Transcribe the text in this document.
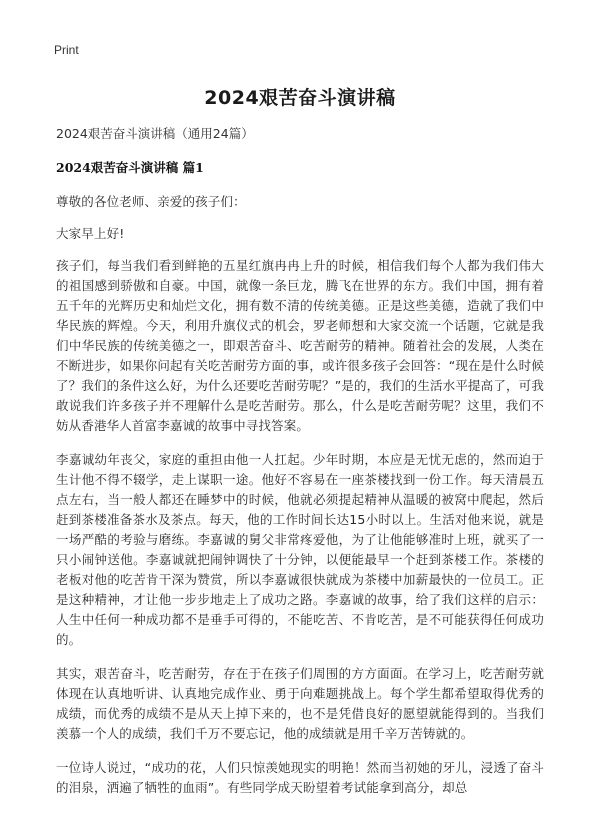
Print
2024艰苦奋斗演讲稿
2024艰苦奋斗演讲稿（通用24篇）
2024艰苦奋斗演讲稿 篇1
尊敬的各位老师、亲爱的孩子们：
大家早上好!
孩子们，每当我们看到鲜艳的五星红旗冉冉上升的时候，相信我们每个人都为我们伟大的祖国感到骄傲和自豪。中国，就像一条巨龙，腾飞在世界的东方。我们中国，拥有着五千年的光辉历史和灿烂文化，拥有数不清的传统美德。正是这些美德，造就了我们中华民族的辉煌。今天，利用升旗仪式的机会，罗老师想和大家交流一个话题，它就是我们中华民族的传统美德之一，即艰苦奋斗、吃苦耐劳的精神。随着社会的发展，人类在不断进步，如果你问起有关吃苦耐劳方面的事，或许很多孩子会回答：“现在是什么时候了？我们的条件这么好，为什么还要吃苦耐劳呢？”是的，我们的生活水平提高了，可我敢说我们许多孩子并不理解什么是吃苦耐劳。那么，什么是吃苦耐劳呢？这里，我们不妨从香港华人首富李嘉诚的故事中寻找答案。
李嘉诚幼年丧父，家庭的重担由他一人扛起。少年时期，本应是无忧无虑的，然而迫于生计他不得不辍学，走上谋职一途。他好不容易在一座茶楼找到一份工作。每天清晨五点左右，当一般人都还在睡梦中的时候，他就必须提起精神从温暖的被窝中爬起，然后赶到茶楼准备茶水及茶点。每天，他的工作时间长达15小时以上。生活对他来说，就是一场严酷的考验与磨练。李嘉诚的舅父非常疼爱他，为了让他能够准时上班，就买了一只小闹钟送他。李嘉诚就把闹钟调快了十分钟，以便能最早一个赶到茶楼工作。茶楼的老板对他的吃苦肯干深为赞赏，所以李嘉诚很快就成为茶楼中加薪最快的一位员工。正是这种精神，才让他一步步地走上了成功之路。李嘉诚的故事，给了我们这样的启示：人生中任何一种成功都不是垂手可得的，不能吃苦、不肯吃苦，是不可能获得任何成功的。
其实，艰苦奋斗，吃苦耐劳，存在于在孩子们周围的方方面面。在学习上，吃苦耐劳就体现在认真地听讲、认真地完成作业、勇于向难题挑战上。每个学生都希望取得优秀的成绩，而优秀的成绩不是从天上掉下来的，也不是凭借良好的愿望就能得到的。当我们羡慕一个人的成绩，我们千万不要忘记，他的成绩就是用千辛万苦铸就的。
一位诗人说过，“成功的花，人们只惊羡她现实的明艳！然而当初她的牙儿，浸透了奋斗的泪泉，洒遍了牺牲的血雨”。有些同学成天盼望着考试能拿到高分，却总
